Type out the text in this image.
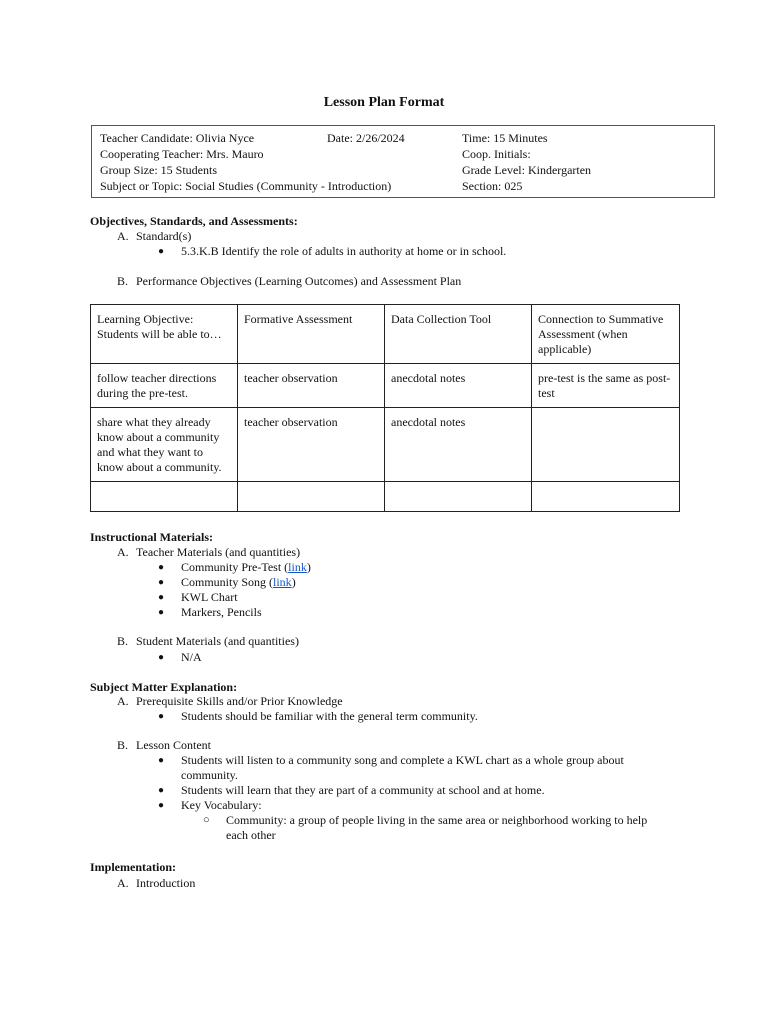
Lesson Plan Format
Teacher Candidate: Olivia Nyce	Date: 2/26/2024	Time: 15 Minutes
Cooperating Teacher: Mrs. Mauro	Coop. Initials:
Group Size: 15 Students	Grade Level: Kindergarten
Subject or Topic: Social Studies (Community - Introduction)	Section: 025
Objectives, Standards, and Assessments:
A. Standard(s)
● 5.3.K.B Identify the role of adults in authority at home or in school.
B. Performance Objectives (Learning Outcomes) and Assessment Plan
Learning Objective: Students will be able to…	Formative Assessment	Data Collection Tool	Connection to Summative Assessment (when applicable)
follow teacher directions during the pre-test.	teacher observation	anecdotal notes	pre-test is the same as post-test
share what they already know about a community and what they want to know about a community.	teacher observation	anecdotal notes	

Instructional Materials:
A. Teacher Materials (and quantities)
● Community Pre-Test (link)
● Community Song (link)
● KWL Chart
● Markers, Pencils
B. Student Materials (and quantities)
● N/A
Subject Matter Explanation:
A. Prerequisite Skills and/or Prior Knowledge
● Students should be familiar with the general term community.
B. Lesson Content
● Students will listen to a community song and complete a KWL chart as a whole group about
community.
● Students will learn that they are part of a community at school and at home.
● Key Vocabulary:
○ Community: a group of people living in the same area or neighborhood working to help
each other
Implementation:
A. Introduction
